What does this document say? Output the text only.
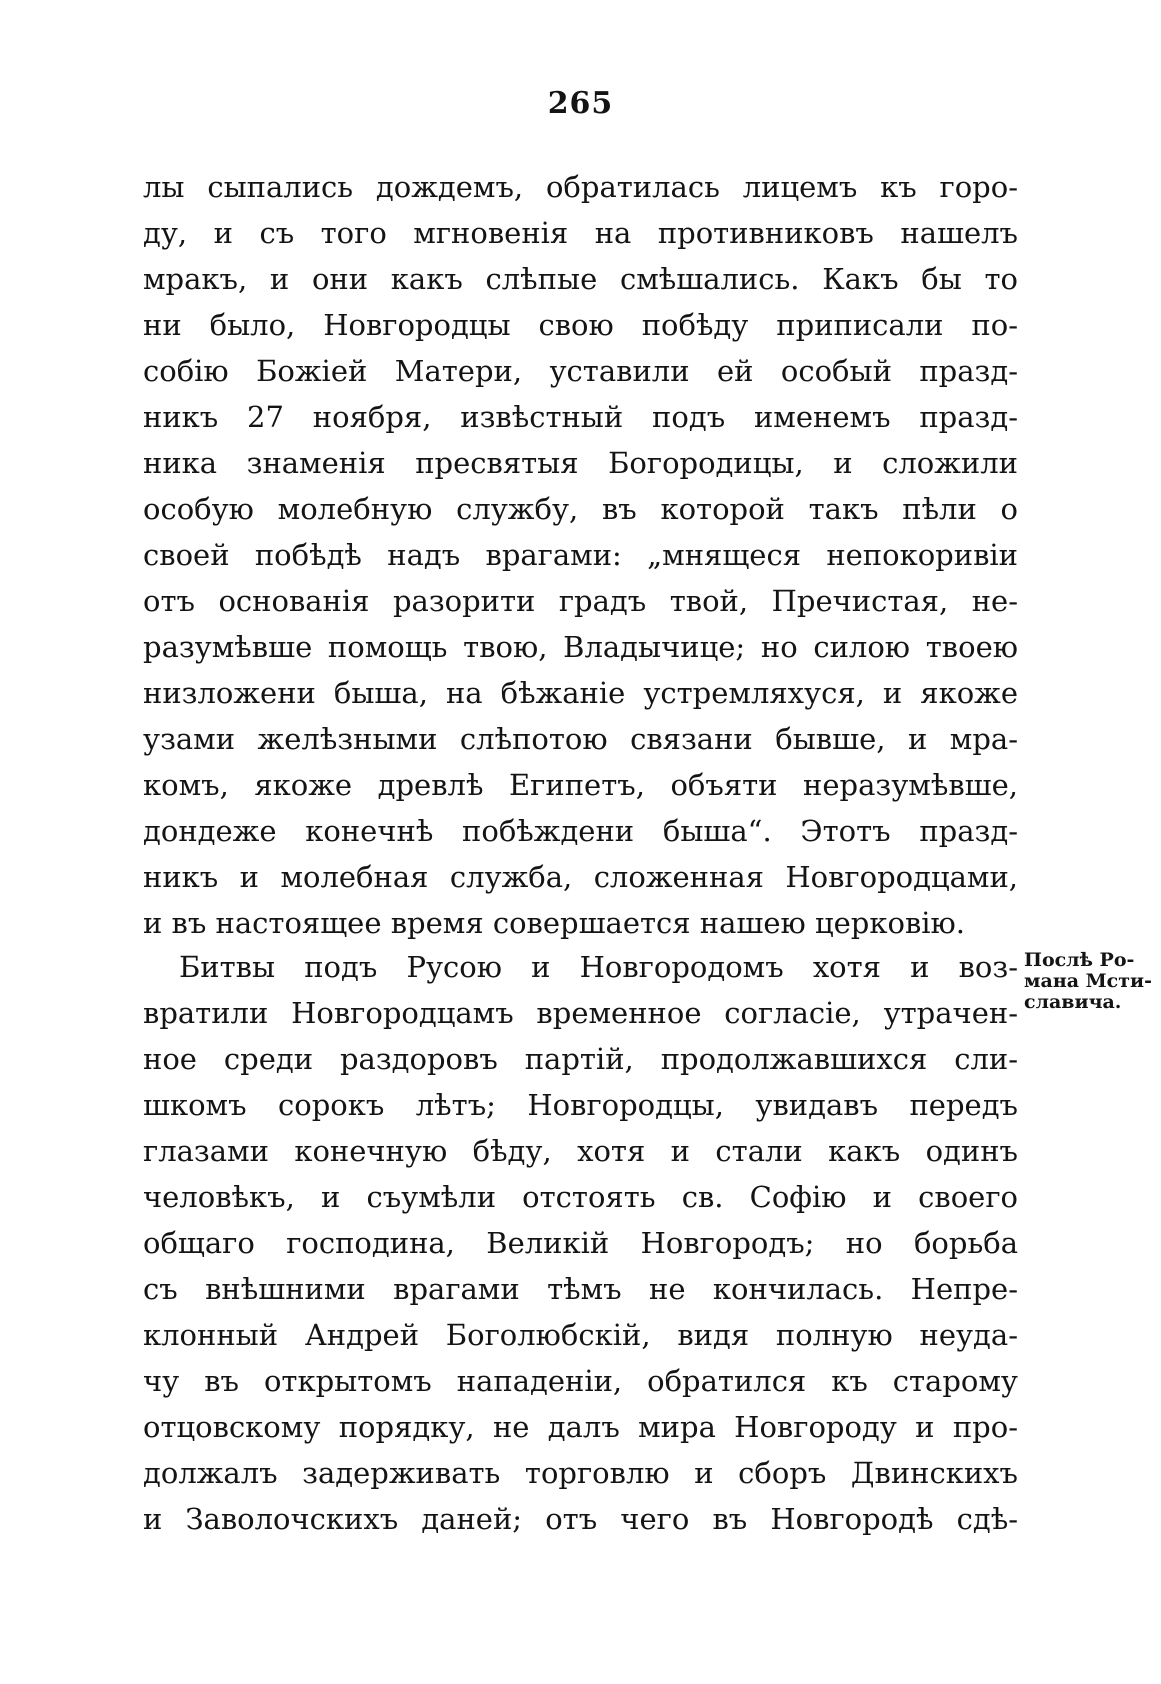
265
лы сыпались дождемъ, обратилась лицемъ къ горо-
ду, и съ того мгновенія на противниковъ нашелъ
мракъ, и они какъ слѣпые смѣшались. Какъ бы то
ни было, Новгородцы свою побѣду приписали по-
собію Божіей Матери, уставили ей особый празд-
никъ 27 ноября, извѣстный подъ именемъ празд-
ника знаменія пресвятыя Богородицы, и сложили
особую молебную службу, въ которой такъ пѣли о
своей побѣдѣ надъ врагами: „мнящеся непокоривіи
отъ основанія разорити градъ твой, Пречистая, не-
разумѣвше помощь твою, Владычице; но силою твоею
низложени быша, на бѣжаніе устремляхуся, и якоже
узами желѣзными слѣпотою связани бывше, и мра-
комъ, якоже древлѣ Египетъ, объяти неразумѣвше,
дондеже конечнѣ побѣждени быша“. Этотъ празд-
никъ и молебная служба, сложенная Новгородцами,
и въ настоящее время совершается нашею церковію.
Битвы подъ Русою и Новгородомъ хотя и воз-
вратили Новгородцамъ временное согласіе, утрачен-
ное среди раздоровъ партій, продолжавшихся сли-
шкомъ сорокъ лѣтъ; Новгородцы, увидавъ передъ
глазами конечную бѣду, хотя и стали какъ одинъ
человѣкъ, и съумѣли отстоять св. Софію и своего
общаго господина, Великій Новгородъ; но борьба
съ внѣшними врагами тѣмъ не кончилась. Непре-
клонный Андрей Боголюбскій, видя полную неуда-
чу въ открытомъ нападеніи, обратился къ старому
отцовскому порядку, не далъ мира Новгороду и про-
должалъ задерживать торговлю и сборъ Двинскихъ
и Заволочскихъ даней; отъ чего въ Новгородѣ сдѣ-
Послѣ Ро-
мана Мсти-
славича.
